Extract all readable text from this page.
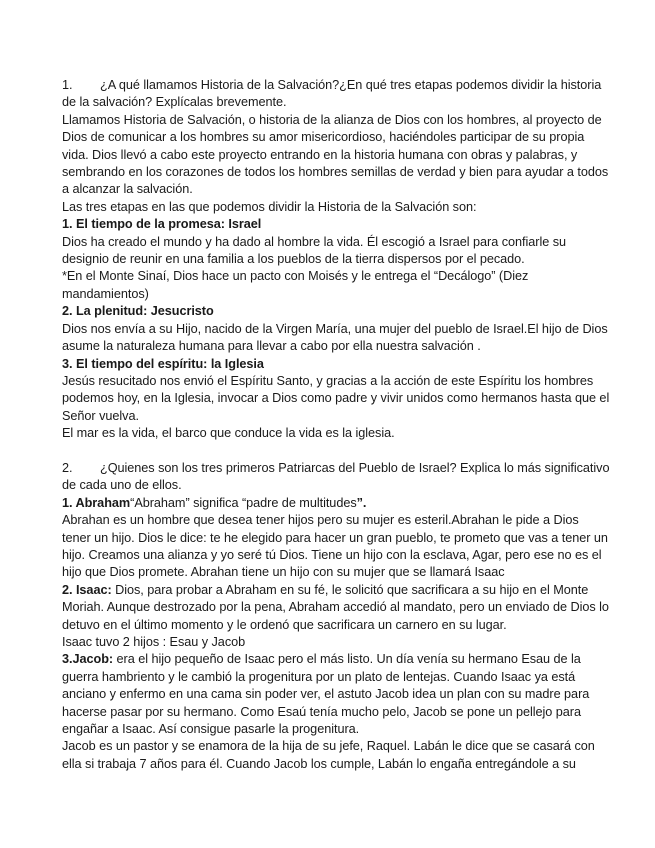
1. ¿A qué llamamos Historia de la Salvación?¿En qué tres etapas podemos dividir la historia de la salvación? Explícalas brevemente.

Llamamos Historia de Salvación, o historia de la alianza de Dios con los hombres, al proyecto de Dios de comunicar a los hombres su amor misericordioso, haciéndoles participar de su propia vida. Dios llevó a cabo este proyecto entrando en la historia humana con obras y palabras, y sembrando en los corazones de todos los hombres semillas de verdad y bien para ayudar a todos a alcanzar la salvación.

Las tres etapas en las que podemos dividir la Historia de la Salvación son:

1. El tiempo de la promesa: Israel

Dios ha creado el mundo y ha dado al hombre la vida. Él escogió a Israel para confiarle su designio de reunir en una familia a los pueblos de la tierra dispersos por el pecado.

*En el Monte Sinaí, Dios hace un pacto con Moisés y le entrega el “Decálogo” (Diez mandamientos)

2. La plenitud: Jesucristo

Dios nos envía a su Hijo, nacido de la Virgen María, una mujer del pueblo de Israel.El hijo de Dios asume la naturaleza humana para llevar a cabo por ella nuestra salvación .

3. El tiempo del espíritu: la Iglesia

Jesús resucitado nos envió el Espíritu Santo, y gracias a la acción de este Espíritu los hombres podemos hoy, en la Iglesia, invocar a Dios como padre y vivir unidos como hermanos hasta que el Señor vuelva.

El mar es la vida, el barco que conduce la vida es la iglesia.

2. ¿Quienes son los tres primeros Patriarcas del Pueblo de Israel? Explica lo más significativo de cada uno de ellos.

1. Abraham“Abraham” significa “padre de multitudes”.

Abrahan es un hombre que desea tener hijos pero su mujer es esteril.Abrahan le pide a Dios tener un hijo. Dios le dice: te he elegido para hacer un gran pueblo, te prometo que vas a tener un hijo. Creamos una alianza y yo seré tú Dios. Tiene un hijo con la esclava, Agar, pero ese no es el hijo que Dios promete. Abrahan tiene un hijo con su mujer que se llamará Isaac

2. Isaac: Dios, para probar a Abraham en su fé, le solicitó que sacrificara a su hijo en el Monte Moriah. Aunque destrozado por la pena, Abraham accedió al mandato, pero un enviado de Dios lo detuvo en el último momento y le ordenó que sacrificara un carnero en su lugar.

Isaac tuvo 2 hijos : Esau y Jacob

3.Jacob: era el hijo pequeño de Isaac pero el más listo. Un día venía su hermano Esau de la guerra hambriento y le cambió la progenitura por un plato de lentejas. Cuando Isaac ya está anciano y enfermo en una cama sin poder ver, el astuto Jacob idea un plan con su madre para hacerse pasar por su hermano. Como Esaú tenía mucho pelo, Jacob se pone un pellejo para engañar a Isaac. Así consigue pasarle la progenitura.

Jacob es un pastor y se enamora de la hija de su jefe, Raquel. Labán le dice que se casará con ella si trabaja 7 años para él. Cuando Jacob los cumple, Labán lo engaña entregándole a su
